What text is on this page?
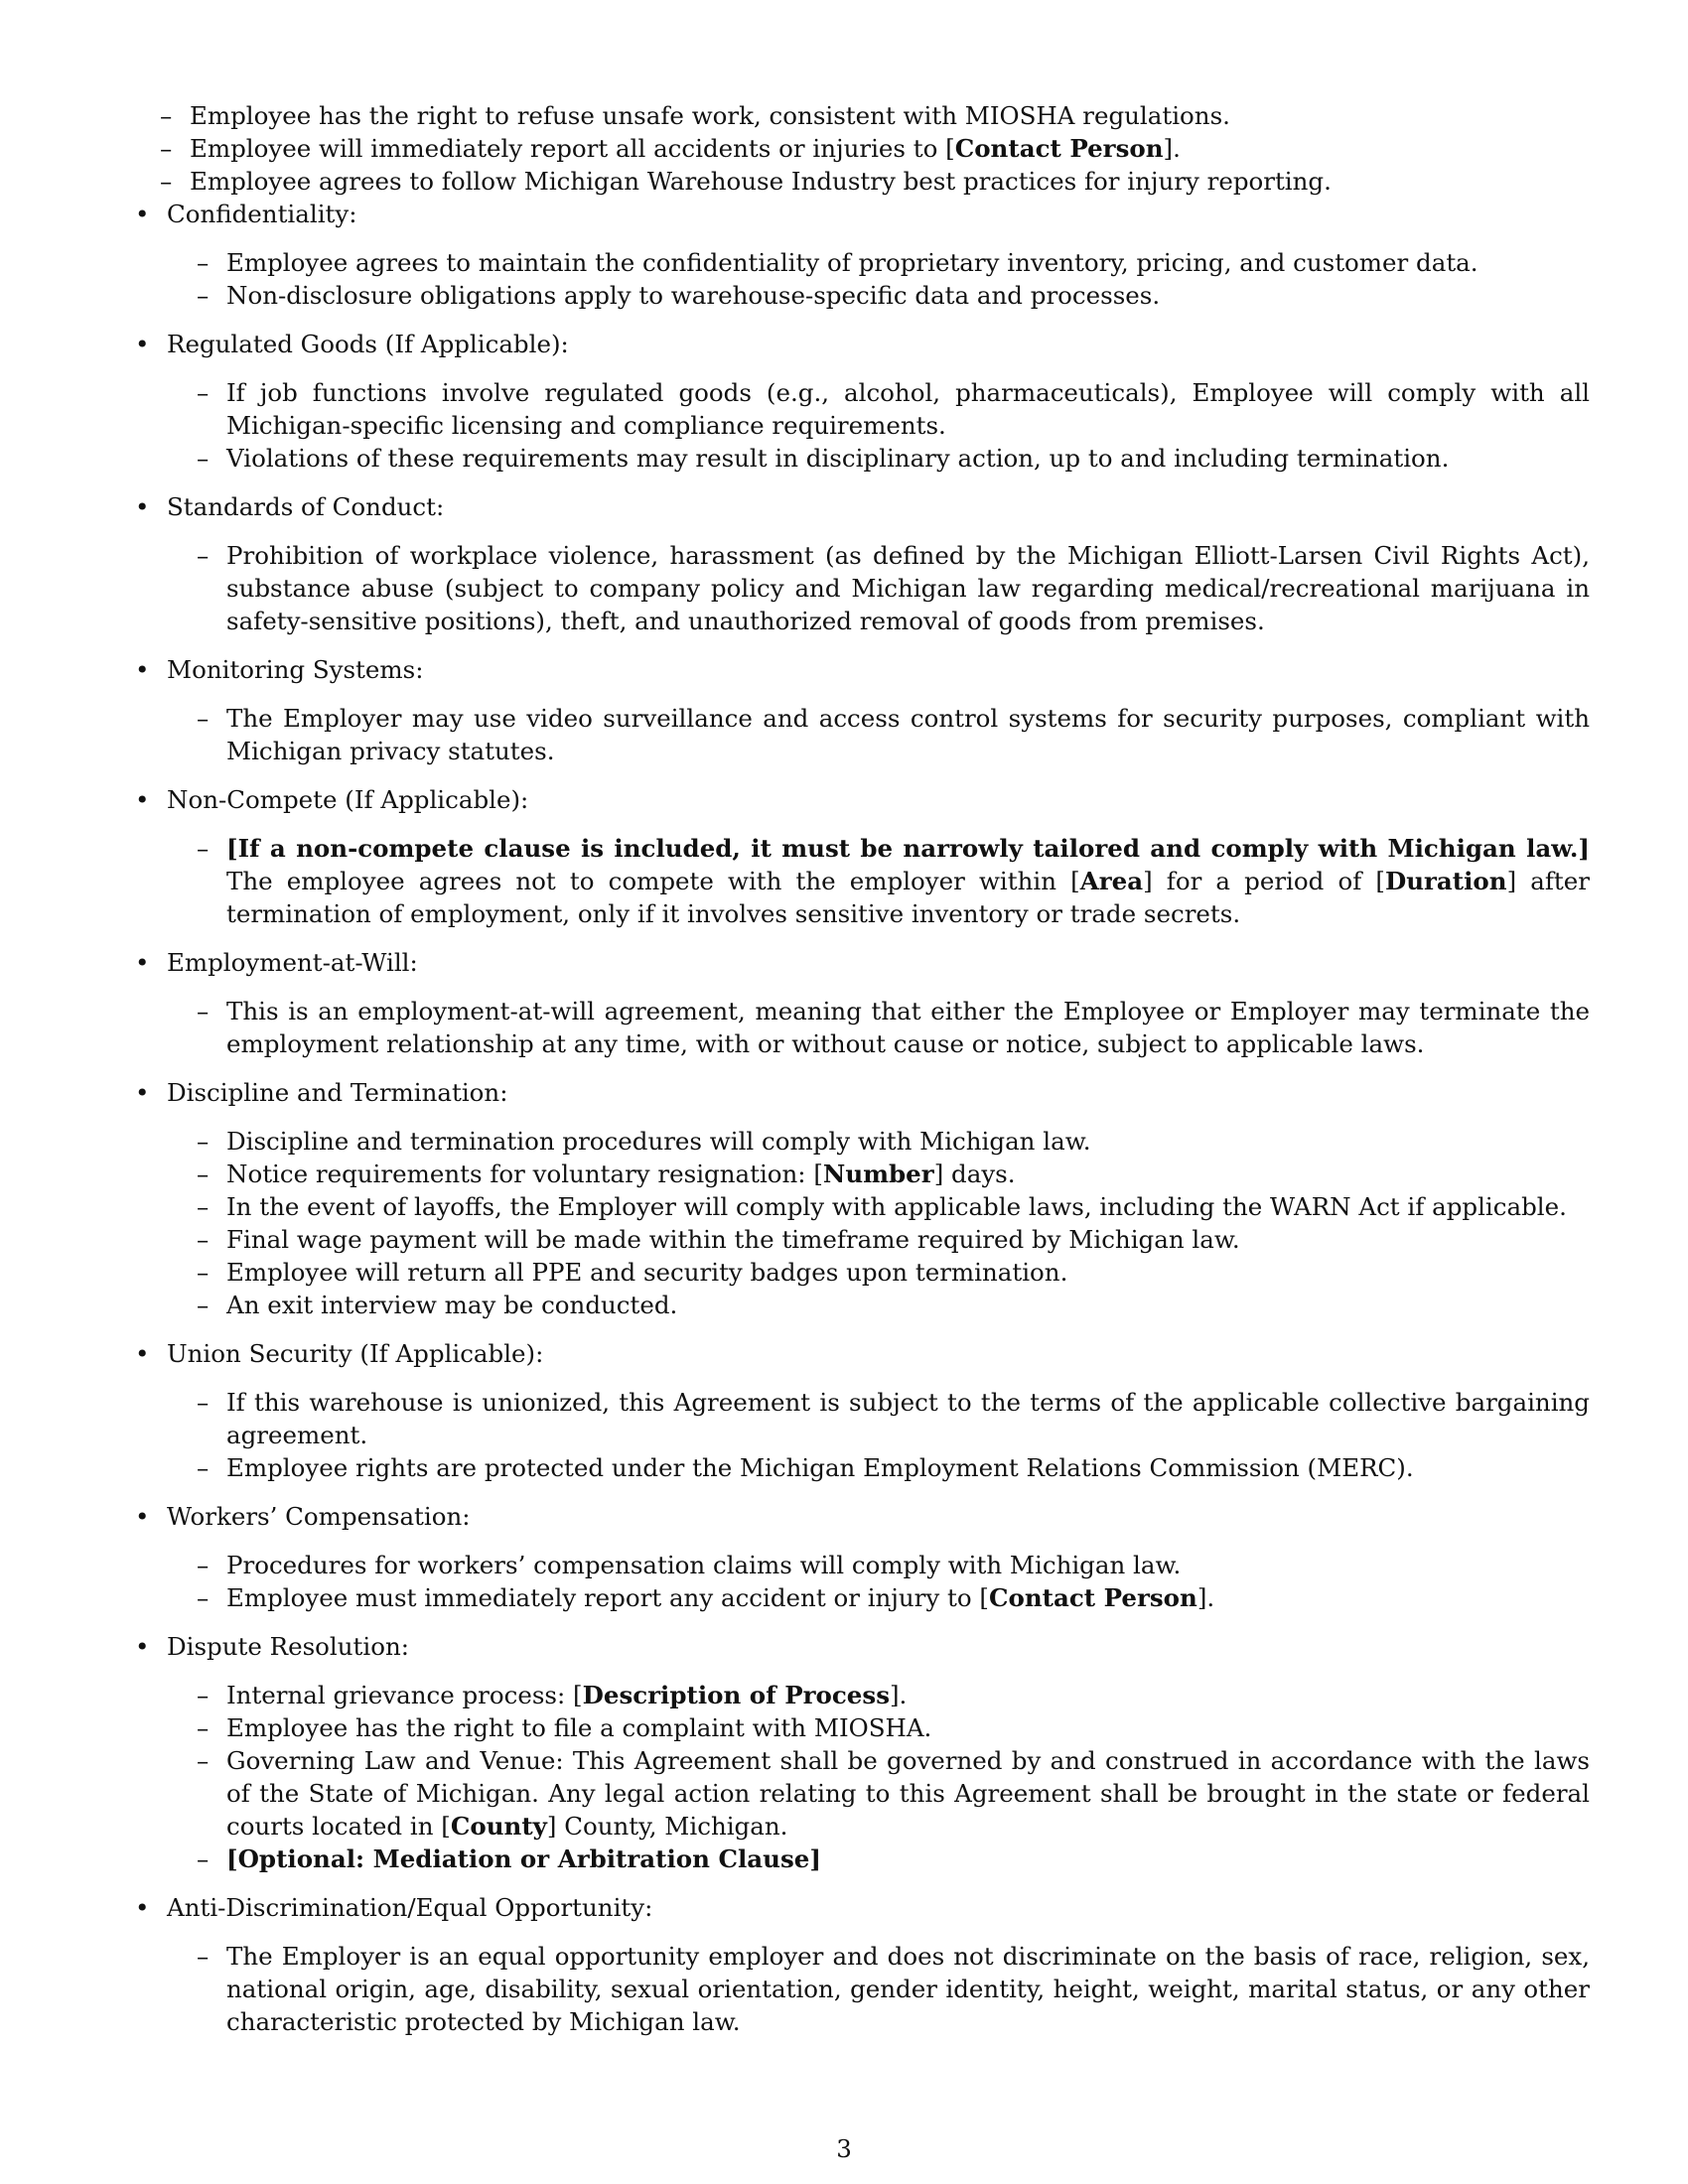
– Employee has the right to refuse unsafe work, consistent with MIOSHA regulations.
– Employee will immediately report all accidents or injuries to [Contact Person].
– Employee agrees to follow Michigan Warehouse Industry best practices for injury reporting.
• Confidentiality:
– Employee agrees to maintain the confidentiality of proprietary inventory, pricing, and customer data.
– Non-disclosure obligations apply to warehouse-specific data and processes.
• Regulated Goods (If Applicable):
– If job functions involve regulated goods (e.g., alcohol, pharmaceuticals), Employee will comply with all Michigan-specific licensing and compliance requirements.
– Violations of these requirements may result in disciplinary action, up to and including termination.
• Standards of Conduct:
– Prohibition of workplace violence, harassment (as defined by the Michigan Elliott-Larsen Civil Rights Act), substance abuse (subject to company policy and Michigan law regarding medical/recreational marijuana in safety-sensitive positions), theft, and unauthorized removal of goods from premises.
• Monitoring Systems:
– The Employer may use video surveillance and access control systems for security purposes, compliant with Michigan privacy statutes.
• Non-Compete (If Applicable):
– [If a non-compete clause is included, it must be narrowly tailored and comply with Michigan law.] The employee agrees not to compete with the employer within [Area] for a period of [Duration] after termination of employment, only if it involves sensitive inventory or trade secrets.
• Employment-at-Will:
– This is an employment-at-will agreement, meaning that either the Employee or Employer may terminate the employment relationship at any time, with or without cause or notice, subject to applicable laws.
• Discipline and Termination:
– Discipline and termination procedures will comply with Michigan law.
– Notice requirements for voluntary resignation: [Number] days.
– In the event of layoffs, the Employer will comply with applicable laws, including the WARN Act if applicable.
– Final wage payment will be made within the timeframe required by Michigan law.
– Employee will return all PPE and security badges upon termination.
– An exit interview may be conducted.
• Union Security (If Applicable):
– If this warehouse is unionized, this Agreement is subject to the terms of the applicable collective bargaining agreement.
– Employee rights are protected under the Michigan Employment Relations Commission (MERC).
• Workers’ Compensation:
– Procedures for workers’ compensation claims will comply with Michigan law.
– Employee must immediately report any accident or injury to [Contact Person].
• Dispute Resolution:
– Internal grievance process: [Description of Process].
– Employee has the right to file a complaint with MIOSHA.
– Governing Law and Venue: This Agreement shall be governed by and construed in accordance with the laws of the State of Michigan. Any legal action relating to this Agreement shall be brought in the state or federal courts located in [County] County, Michigan.
– [Optional: Mediation or Arbitration Clause]
• Anti-Discrimination/Equal Opportunity:
– The Employer is an equal opportunity employer and does not discriminate on the basis of race, religion, sex, national origin, age, disability, sexual orientation, gender identity, height, weight, marital status, or any other characteristic protected by Michigan law.
3
